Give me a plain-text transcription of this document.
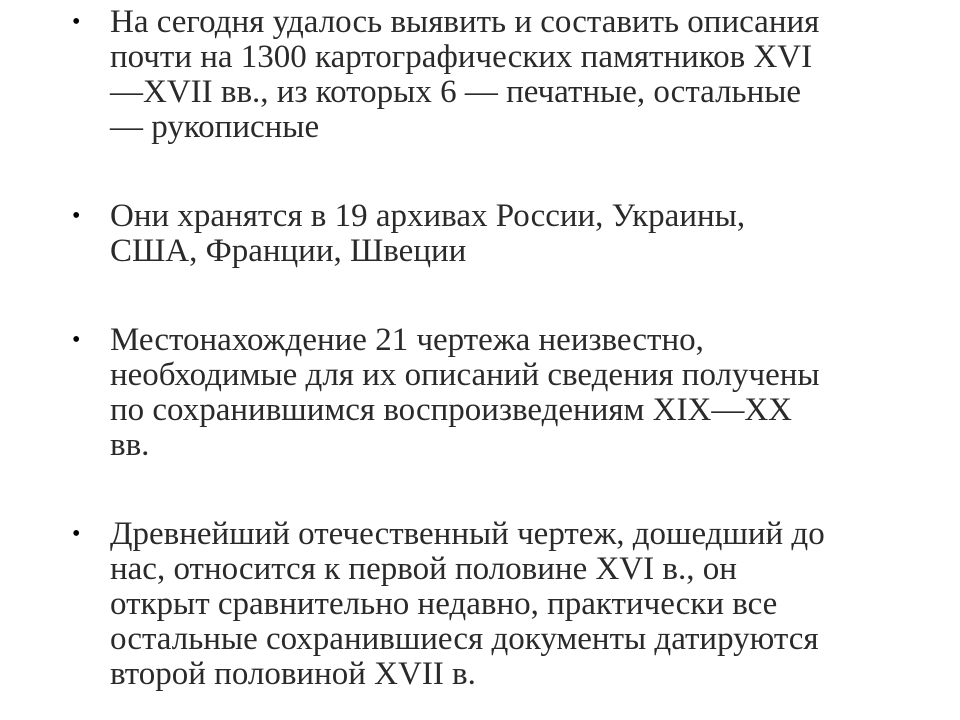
• На сегодня удалось выявить и составить описания
почти на 1300 картографических памятников XVI
—XVII вв., из которых 6 — печатные, остальные
— рукописные
• Они хранятся в 19 архивах России, Украины,
США, Франции, Швеции
• Местонахождение 21 чертежа неизвестно,
необходимые для их описаний сведения получены
по сохранившимся воспроизведениям XIX—XX
вв.
• Древнейший отечественный чертеж, дошедший до
нас, относится к первой половине XVI в., он
открыт сравнительно недавно, практически все
остальные сохранившиеся документы датируются
второй половиной XVII в.
